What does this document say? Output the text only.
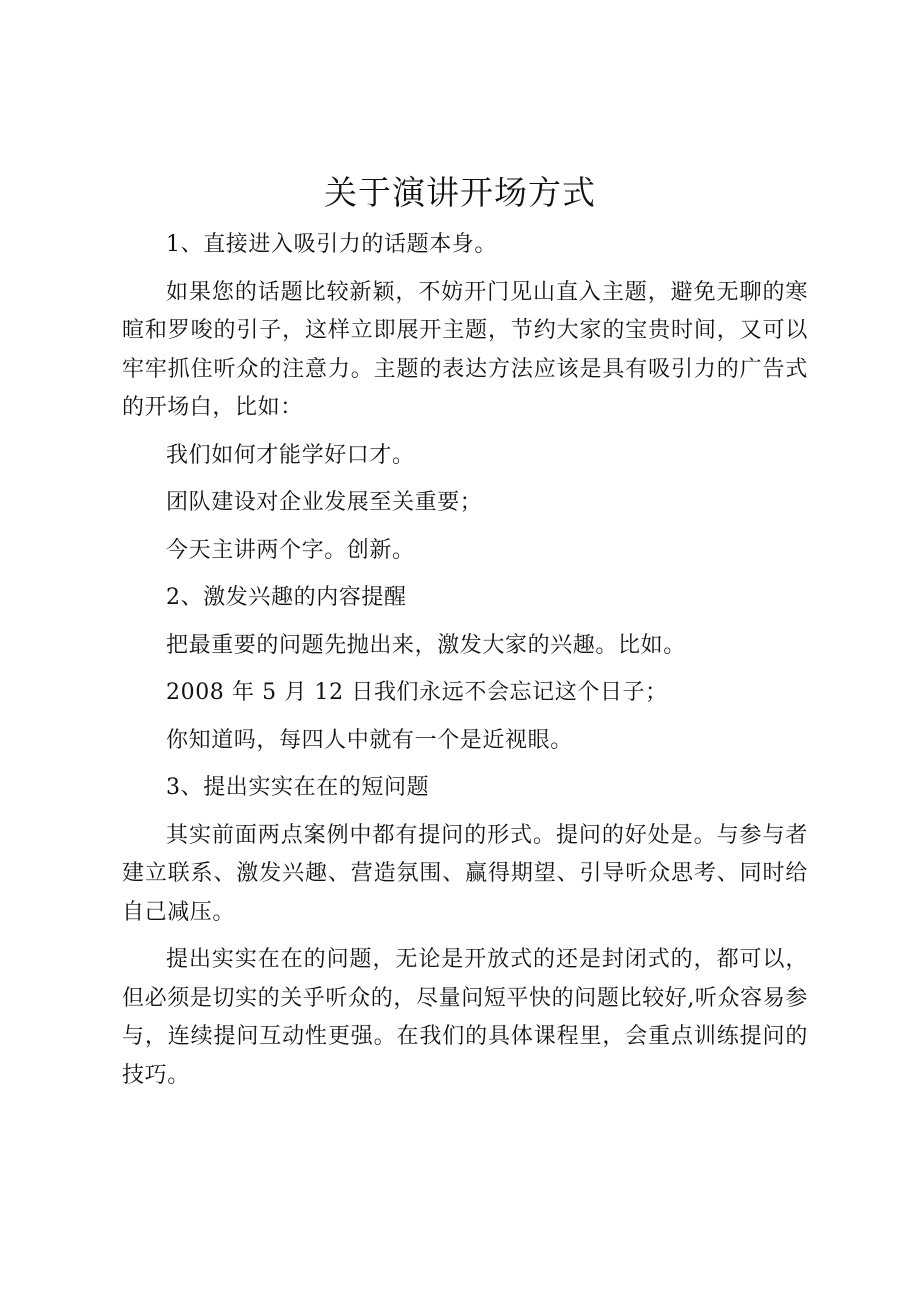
关于演讲开场方式

1、直接进入吸引力的话题本身。

如果您的话题比较新颖，不妨开门见山直入主题，避免无聊的寒暄和罗唆的引子，这样立即展开主题，节约大家的宝贵时间，又可以牢牢抓住听众的注意力。主题的表达方法应该是具有吸引力的广告式的开场白，比如：

我们如何才能学好口才。

团队建设对企业发展至关重要；

今天主讲两个字。创新。

2、激发兴趣的内容提醒

把最重要的问题先抛出来，激发大家的兴趣。比如。

2008 年 5 月 12 日我们永远不会忘记这个日子；

你知道吗，每四人中就有一个是近视眼。

3、提出实实在在的短问题

其实前面两点案例中都有提问的形式。提问的好处是。与参与者建立联系、激发兴趣、营造氛围、赢得期望、引导听众思考、同时给自己减压。

提出实实在在的问题，无论是开放式的还是封闭式的，都可以，但必须是切实的关乎听众的，尽量问短平快的问题比较好,听众容易参与，连续提问互动性更强。在我们的具体课程里，会重点训练提问的技巧。
